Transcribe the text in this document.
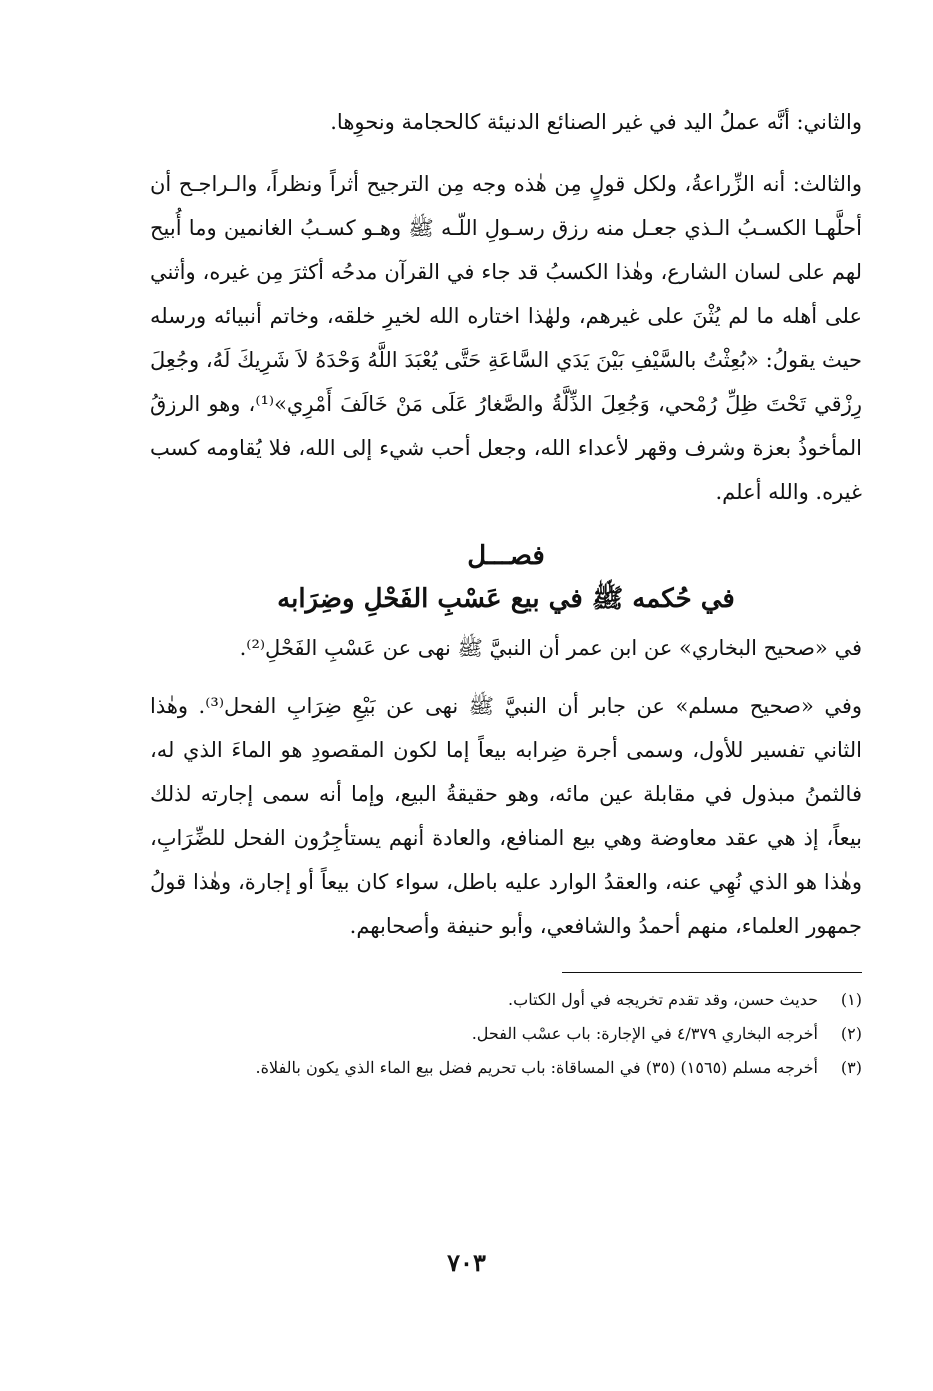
والثاني: أنَّه عملُ اليد في غير الصنائع الدنيئة كالحجامة ونحوِها.

والثالث: أنه الزِّراعةُ، ولكل قولٍ مِن هٰذه وجه مِن الترجيح أثراً ونظراً، والـراجـح أن أحلَّهـا الكسـبُ الـذي جعـل منه رزق رسـولِ اللّـه ﷺ وهـو كسـبُ الغانمين وما أُبيح لهم على لسان الشارع، وهٰذا الكسبُ قد جاء في القرآن مدحُه أكثرَ مِن غيره، وأثني على أهله ما لم يُثْنَ على غيرهم، ولهٰذا اختاره الله لخيرِ خلقه، وخاتم أنبيائه ورسله حيث يقولُ: «بُعِثْتُ بالسَّيْفِ بَيْنَ يَدَي السَّاعَةِ حَتَّى يُعْبَدَ اللَّهُ وَحْدَهُ لاَ شَرِيكَ لَهُ، وجُعِلَ رِزْقي تَحْتَ ظِلِّ رُمْحي، وَجُعِلَ الذِّلَّةُ والصَّغارُ عَلَى مَنْ خَالَفَ أَمْرِي»⁽¹⁾، وهو الرزقُ المأخوذُ بعزة وشرف وقهر لأعداء الله، وجعل أحب شيء إلى الله، فلا يُقاومه كسب غيره. والله أعلم.

فصـــل
في حُكمه ﷺ في بيع عَسْبِ الفَحْلِ وضِرَابه

في «صحيح البخاري» عن ابن عمر أن النبيَّ ﷺ نهى عن عَسْبِ الفَحْلِ⁽²⁾.

وفي «صحيح مسلم» عن جابر أن النبيَّ ﷺ نهى عن بَيْعِ ضِرَابِ الفحل⁽³⁾. وهٰذا الثاني تفسير للأول، وسمى أجرة ضِرابه بيعاً إما لكون المقصودِ هو الماءَ الذي له، فالثمنُ مبذول في مقابلة عين مائه، وهو حقيقةُ البيع، وإما أنه سمى إجارته لذلك بيعاً، إذ هي عقد معاوضة وهي بيع المنافع، والعادة أنهم يستأجِرُون الفحل للضِّرَابِ، وهٰذا هو الذي نُهِي عنه، والعقدُ الوارد عليه باطل، سواء كان بيعاً أو إجارة، وهٰذا قولُ جمهور العلماء، منهم أحمدُ والشافعي، وأبو حنيفة وأصحابهم.

(١)
حديث حسن، وقد تقدم تخريجه في أول الكتاب.
(٢)
أخرجه البخاري ٤/٣٧٩ في الإجارة: باب عسْب الفحل.
(٣)
أخرجه مسلم (١٥٦٥) (٣٥) في المساقاة: باب تحريم فضل بيع الماء الذي يكون بالفلاة.
٧٠٣
